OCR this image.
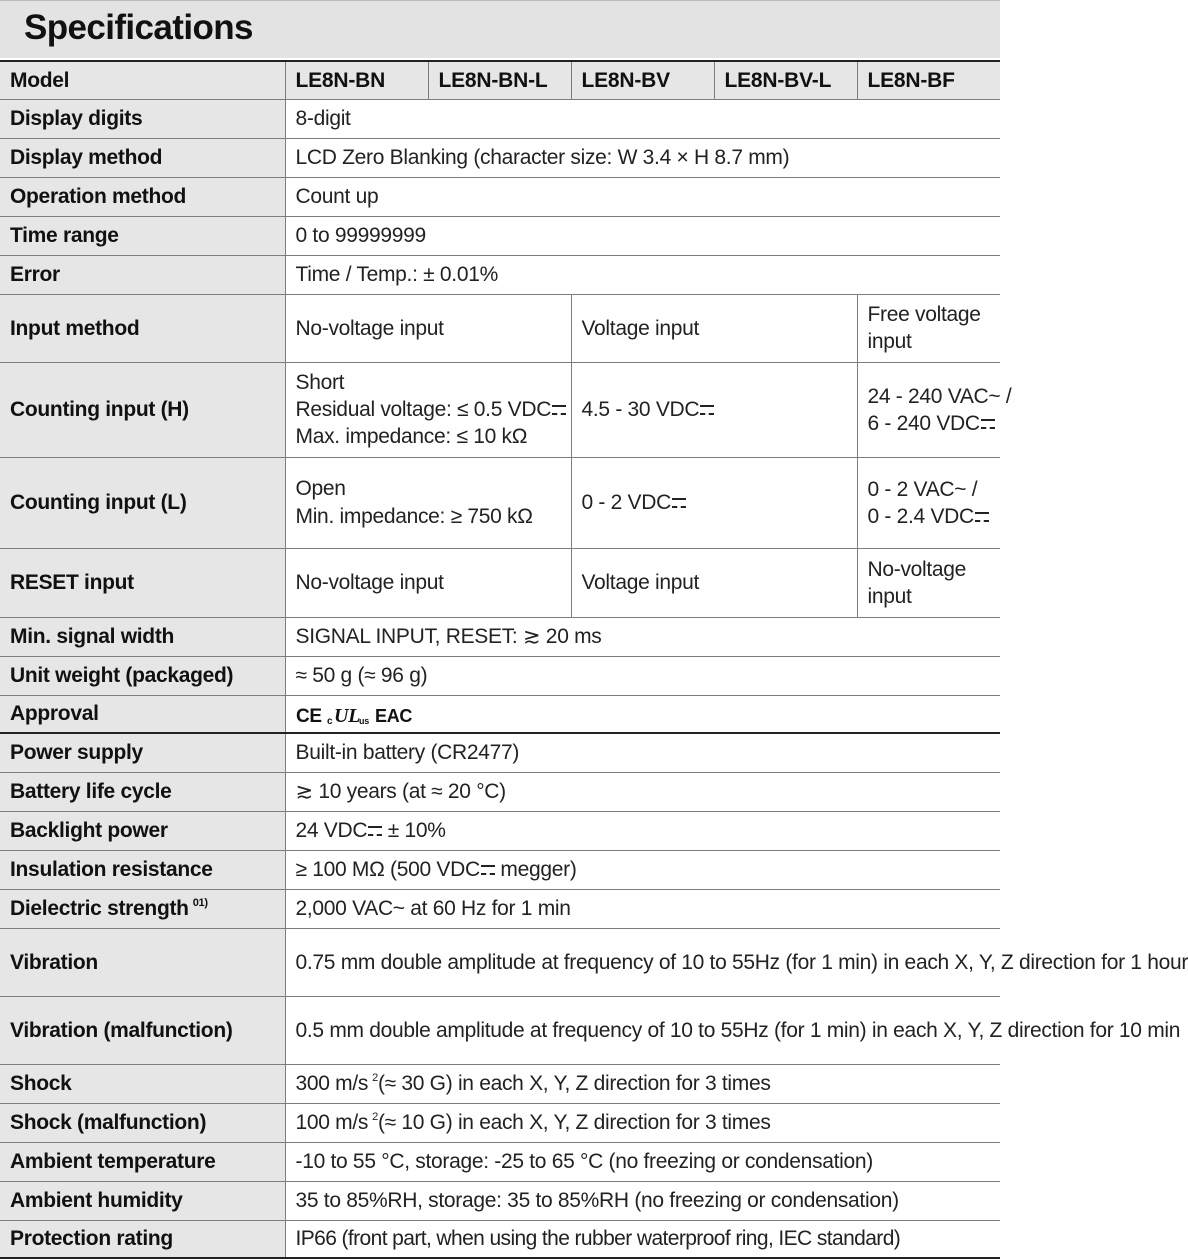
Specifications
Model	LE8N-BN	LE8N-BN-L	LE8N-BV	LE8N-BV-L	LE8N-BF
Display digits	8-digit				
Display method	LCD Zero Blanking (character size: W 3.4 × H 8.7 mm)				
Operation method	Count up				
Time range	0 to 99999999				
Error	Time / Temp.: ± 0.01%				
Input method	No-voltage input		Voltage input		Free voltage
input
Counting input (H)	Short
Residual voltage: ≤ 0.5 VDC
Max. impedance: ≤ 10 kΩ		4.5 - 30 VDC		24 - 240 VAC~ /
6 - 240 VDC
Counting input (L)	Open
Min. impedance: ≥ 750 kΩ		0 - 2 VDC		0 - 2 VAC~ /
0 - 2.4 VDC
RESET input	No-voltage input		Voltage input		No-voltage
input
Min. signal width	SIGNAL INPUT, RESET: ≳ 20 ms				
Unit weight (packaged)	≈ 50 g (≈ 96 g)				
Approval	CE c UL
us EAC				

Power supply	Built-in battery (CR2477)				
Battery life cycle	≳ 10 years (at ≈ 20 °C)				
Backlight power	24 VDC ± 10%				
Insulation resistance	≥ 100 MΩ (500 VDC megger)				
Dielectric strength $^{01)}$	2,000 VAC~ at 60 Hz for 1 min				
Vibration	0.75 mm double amplitude at frequency of 10 to 55Hz (for 1 min) in each X, Y, Z direction for 1 hour				
Vibration (malfunction)	0.5 mm double amplitude at frequency of 10 to 55Hz (for 1 min) in each X, Y, Z direction for 10 min				
Shock	300 m/s $^2$(≈ 30 G) in each X, Y, Z direction for 3 times				
Shock (malfunction)	100 m/s $^2$(≈ 10 G) in each X, Y, Z direction for 3 times				
Ambient temperature	-10 to 55 °C, storage: -25 to 65 °C (no freezing or condensation)				
Ambient humidity	35 to 85%RH, storage: 35 to 85%RH (no freezing or condensation)				
Protection rating	IP66 (front part, when using the rubber waterproof ring, IEC standard)				
